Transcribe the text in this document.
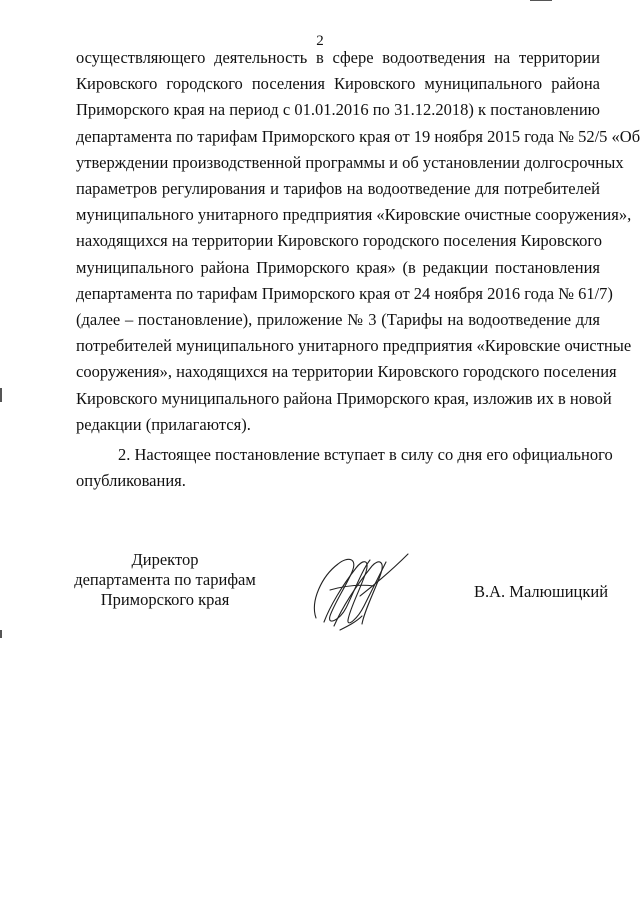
2
осуществляющего деятельность в сфере водоотведения на территории
Кировского городского поселения Кировского муниципального района
Приморского края на период с 01.01.2016 по 31.12.2018) к постановлению
департамента по тарифам Приморского края от 19 ноября 2015 года № 52/5 «Об
утверждении производственной программы и об установлении долгосрочных
параметров регулирования и тарифов на водоотведение для потребителей
муниципального унитарного предприятия «Кировские очистные сооружения»,
находящихся на территории Кировского городского поселения Кировского
муниципального района Приморского края» (в редакции постановления
департамента по тарифам Приморского края от 24 ноября 2016 года № 61/7)
(далее – постановление), приложение № 3 (Тарифы на водоотведение для
потребителей муниципального унитарного предприятия «Кировские очистные
сооружения», находящихся на территории Кировского городского поселения
Кировского муниципального района Приморского края, изложив их в новой
редакции (прилагаются).
2. Настоящее постановление вступает в силу со дня его официального
опубликования.
Директор
департамента по тарифам
Приморского края	В.А. Малюшицкий
